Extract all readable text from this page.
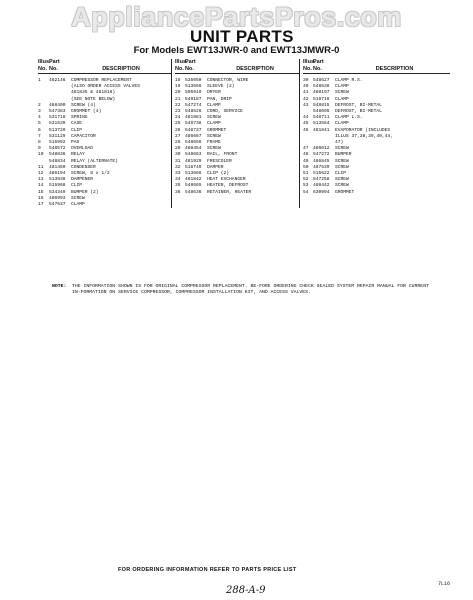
AppliancePartsPros.com
UNIT PARTS
For Models EWT13JWR-0 and EWT13JMWR-0
Illus.
No.
Part
No.	DESCRIPTION
1	482146	COMPRESSOR REPLACEMENT
(ALSO ORDER ACCESS VALVES
481835 & 481816)
(SEE NOTE BELOW)
2	488400	SCREW (4)
3	547383	GROMMET (4)
4	531718	SPRING
5	531539	CASE
6	513720	CLIP
7	531129	CAPACITOR
8	515992	PAD
9	548572	OVERLOAD
10	548836	RELAY
548834	RELAY (ALTERNATE)
11	481460	CONDENSER
12	486194	SCREW, 8 x 1/2
13	513938	DAMPENER
14	515968	CLIP
15	534349	BUMPER (2)
16	486993	SCREW
17	547637	CLAMP
Illus.
No.
Part
No.	DESCRIPTION
18 535050	CONNECTOR, WIRE
19 513666	SLEEVE (2)
20 505919	DRYER
21 549187	PAN, DRIP
22 547274	CLAMP
23 548526	CORD, SERVICE
24 481981	SCREW
25 548738	CLAMP
26 548737	GROMMET
27 486667	SCREW
28 548656	FRAME
29 488454	SCREW
30 548663	RAIL, FRONT
31 481929	FRESCOLER
32 516749	DAMPER
33 513666	CLIP (2)
34 481842	HEAT EXCHANGER
35 548665	HEATER, DEFROST
36 548636	RETAINER, HEATER
Illus.
No.
Part
No.	DESCRIPTION
39 548627	CLAMP R.S.
40 548638	CLAMP
41 488197	SCREW
42 519716	CLAMP
43 548815	DEFROST, BI-METAL
548695	DEFROST, BI-METAL
44 548711	CLAMP L.S.
45 513584	CLAMP
46 481841	EVAPORATOR (INCLUDES
ILLUS 37,38,39,40,44,
47)
47 486012	SCREW
48 547272	BUMPER
49 486845	SCREW
50 487539	SCREW
51 515622	CLIP
52 547258	SCREW
53 488442	SCREW
54 630994	GROMMET
NOTE: THE INFORMATION SHOWN IS FOR ORIGINAL COMPRESSOR REPLACEMENT. BE-FORE ORDERING CHECK SEALED SYSTEM REPAIR MANUAL FOR CURRENT IN-FORMATION ON SERVICE COMPRESSOR, COMPRESSOR INSTALLATION KIT, AND ACCESS VALVES.
FOR ORDERING INFORMATION REFER TO PARTS PRICE LIST
7L16
288-A-9
